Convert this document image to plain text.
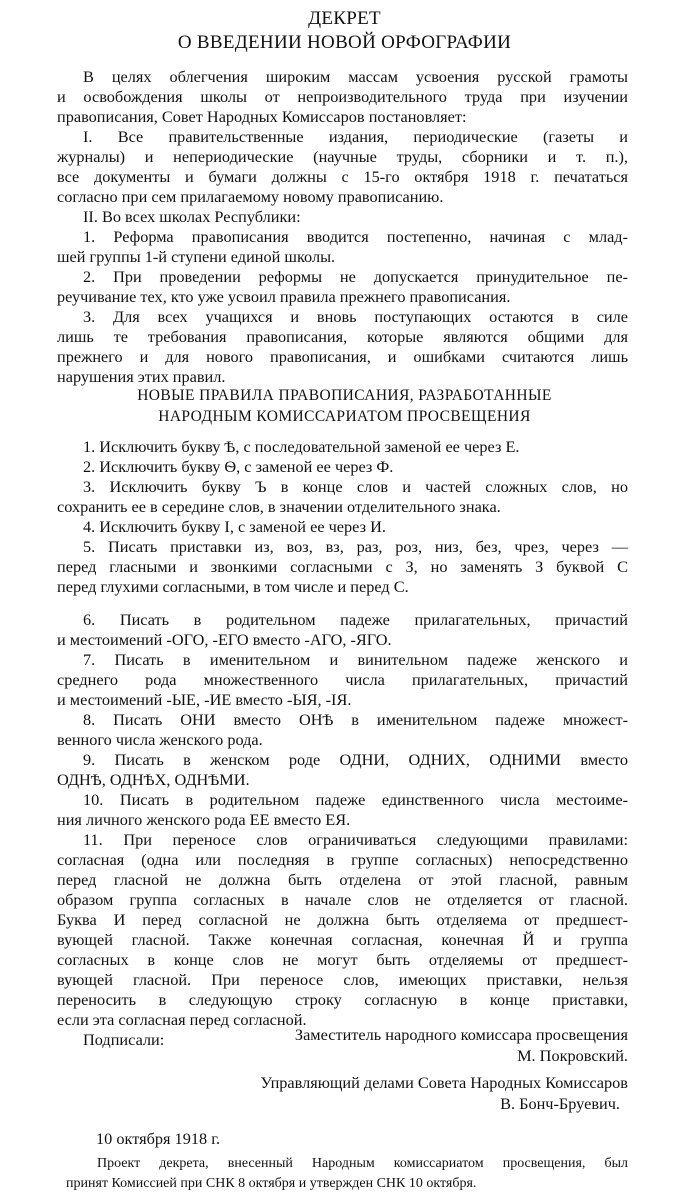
ДЕКРЕТ
О ВВЕДЕНИИ НОВОЙ ОРФОГРАФИИ
В целях облегчения широким массам усвоения русской грамоты
и освобождения школы от непроизводительного труда при изучении
правописания, Совет Народных Комиссаров постановляет:
I. Все правительственные издания, периодические (газеты и
журналы) и непериодические (научные труды, сборники и т. п.),
все документы и бумаги должны с 15-го октября 1918 г. печататься
согласно при сем прилагаемому новому правописанию.
II. Во всех школах Республики:
1. Реформа правописания вводится постепенно, начиная с млад-
шей группы 1-й ступени единой школы.
2. При проведении реформы не допускается принудительное пе-
реучивание тех, кто уже усвоил правила прежнего правописания.
3. Для всех учащихся и вновь поступающих остаются в силе
лишь те требования правописания, которые являются общими для
прежнего и для нового правописания, и ошибками считаются лишь
нарушения этих правил.
НОВЫЕ ПРАВИЛА ПРАВОПИСАНИЯ, РАЗРАБОТАННЫЕ
НАРОДНЫМ КОМИССАРИАТОМ ПРОСВЕЩЕНИЯ
1. Исключить букву Ѣ, с последовательной заменой ее через Е.
2. Исключить букву Ѳ, с заменой ее через Ф.
3. Исключить букву Ъ в конце слов и частей сложных слов, но
сохранить ее в середине слов, в значении отделительного знака.
4. Исключить букву I, с заменой ее через И.
5. Писать приставки из, воз, вз, раз, роз, низ, без, чрез, через —
перед гласными и звонкими согласными с З, но заменять З буквой С
перед глухими согласными, в том числе и перед С.
6. Писать в родительном падеже прилагательных, причастий
и местоимений -ОГО, -ЕГО вместо -АГО, -ЯГО.
7. Писать в именительном и винительном падеже женского и
среднего рода множественного числа прилагательных, причастий
и местоимений -ЫЕ, -ИЕ вместо -ЫЯ, -IЯ.
8. Писать ОНИ вместо ОНѢ в именительном падеже множест-
венного числа женского рода.
9. Писать в женском роде ОДНИ, ОДНИХ, ОДНИМИ вместо
ОДНѢ, ОДНѢХ, ОДНѢМИ.
10. Писать в родительном падеже единственного числа местоиме-
ния личного женского рода ЕЕ вместо ЕЯ.
11. При переносе слов ограничиваться следующими правилами:
согласная (одна или последняя в группе согласных) непосредственно
перед гласной не должна быть отделена от этой гласной, равным
образом группа согласных в начале слов не отделяется от гласной.
Буква И перед согласной не должна быть отделяема от предшест-
вующей гласной. Также конечная согласная, конечная Й и группа
согласных в конце слов не могут быть отделяемы от предшест-
вующей гласной. При переносе слов, имеющих приставки, нельзя
переносить в следующую строку согласную в конце приставки,
если эта согласная перед согласной.
Подписали:	Заместитель народного комиссара просвещения
М. Покровский.
Управляющий делами Совета Народных Комиссаров
В. Бонч-Бруевич.
10 октября 1918 г.
Проект декрета, внесенный Народным комиссариатом просвещения, был
принят Комиссией при СНК 8 октября и утвержден СНК 10 октября.
